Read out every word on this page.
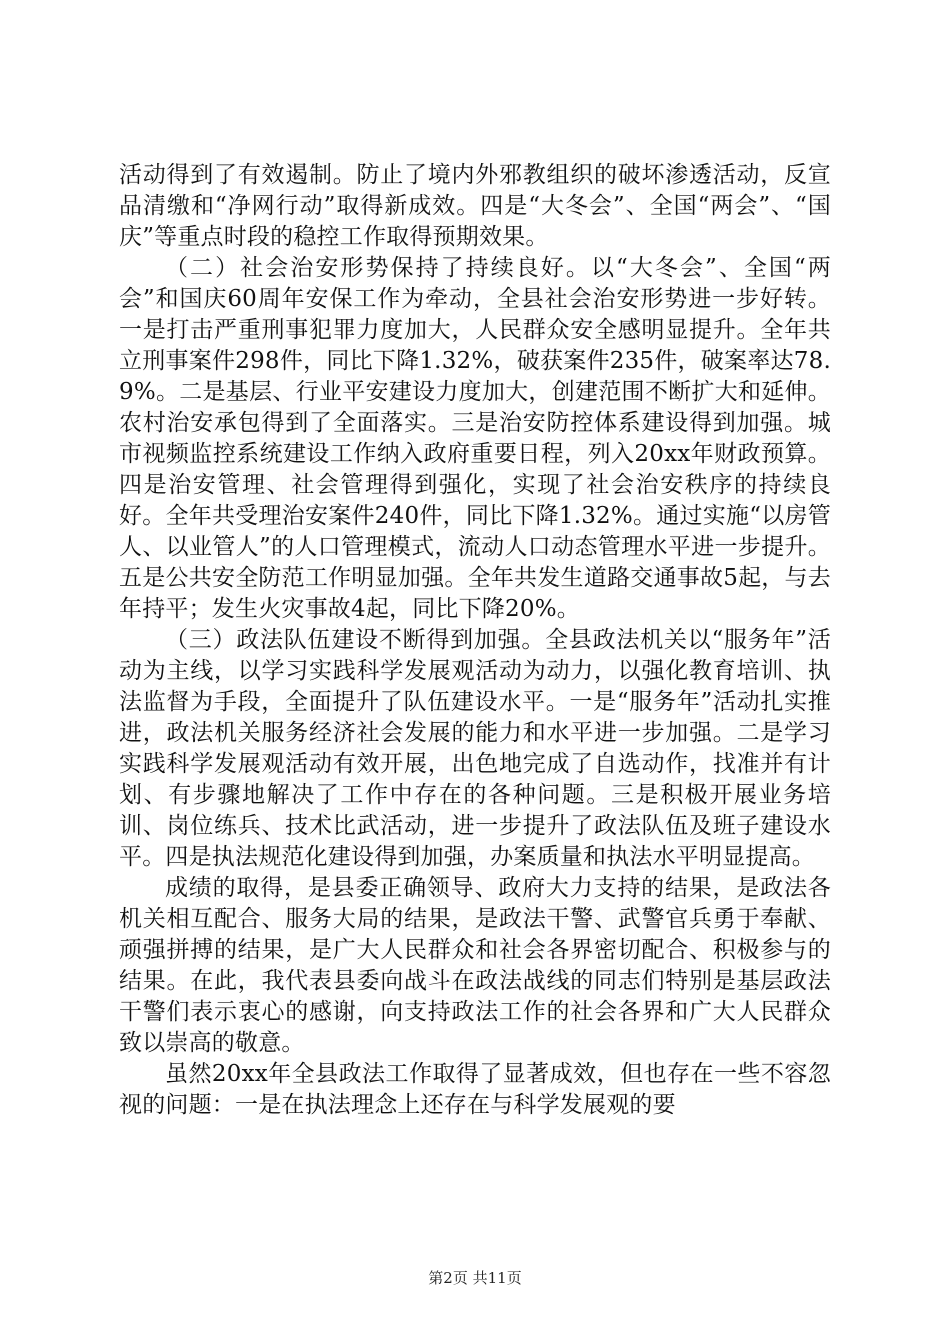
活动得到了有效遏制。防止了境内外邪教组织的破坏渗透活动，反宣品清缴和“净网行动”取得新成效。四是“大冬会”、全国“两会”、“国庆”等重点时段的稳控工作取得预期效果。

（二）社会治安形势保持了持续良好。以“大冬会”、全国“两会”和国庆60周年安保工作为牵动，全县社会治安形势进一步好转。一是打击严重刑事犯罪力度加大，人民群众安全感明显提升。全年共立刑事案件298件，同比下降1.32%，破获案件235件，破案率达78.9%。二是基层、行业平安建设力度加大，创建范围不断扩大和延伸。农村治安承包得到了全面落实。三是治安防控体系建设得到加强。城市视频监控系统建设工作纳入政府重要日程，列入20xx年财政预算。四是治安管理、社会管理得到强化，实现了社会治安秩序的持续良好。全年共受理治安案件240件，同比下降1.32%。通过实施“以房管人、以业管人”的人口管理模式，流动人口动态管理水平进一步提升。五是公共安全防范工作明显加强。全年共发生道路交通事故5起，与去年持平；发生火灾事故4起，同比下降20%。

（三）政法队伍建设不断得到加强。全县政法机关以“服务年”活动为主线，以学习实践科学发展观活动为动力，以强化教育培训、执法监督为手段，全面提升了队伍建设水平。一是“服务年”活动扎实推进，政法机关服务经济社会发展的能力和水平进一步加强。二是学习实践科学发展观活动有效开展，出色地完成了自选动作，找准并有计划、有步骤地解决了工作中存在的各种问题。三是积极开展业务培训、岗位练兵、技术比武活动，进一步提升了政法队伍及班子建设水平。四是执法规范化建设得到加强，办案质量和执法水平明显提高。

成绩的取得，是县委正确领导、政府大力支持的结果，是政法各机关相互配合、服务大局的结果，是政法干警、武警官兵勇于奉献、顽强拼搏的结果，是广大人民群众和社会各界密切配合、积极参与的结果。在此，我代表县委向战斗在政法战线的同志们特别是基层政法干警们表示衷心的感谢，向支持政法工作的社会各界和广大人民群众致以崇高的敬意。

虽然20xx年全县政法工作取得了显著成效，但也存在一些不容忽视的问题：一是在执法理念上还存在与科学发展观的要

第2页 共11页
